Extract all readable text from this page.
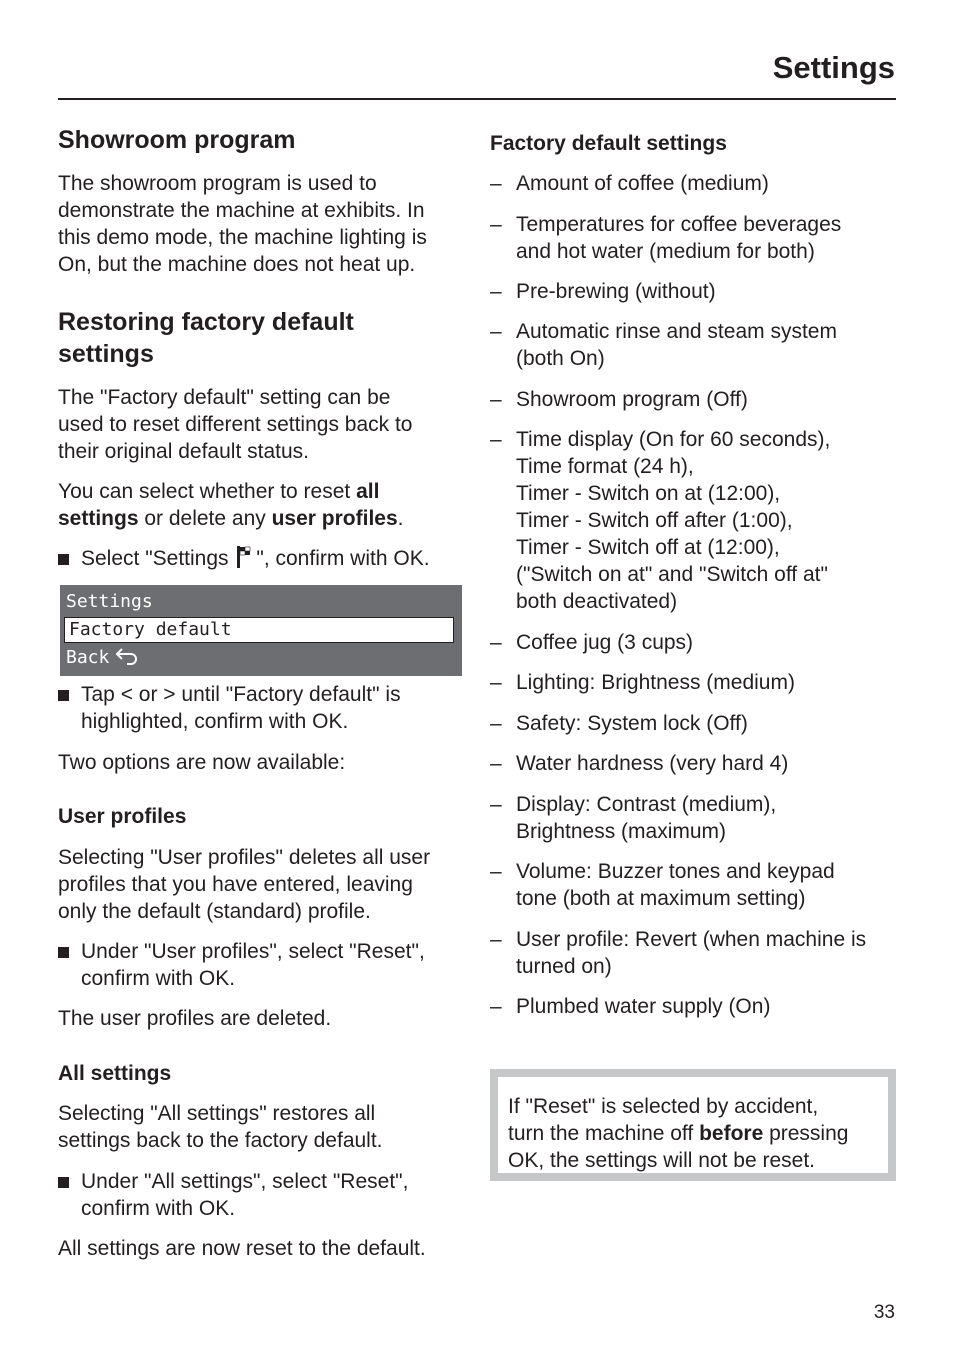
Settings
Showroom program
The showroom program is used to
demonstrate the machine at exhibits. In
this demo mode, the machine lighting is
On, but the machine does not heat up.
Restoring factory default
settings
The "Factory default" setting can be
used to reset different settings back to
their original default status.
You can select whether to reset all
settings or delete any user profiles.
Select "Settings ", confirm with OK.
Settings
Factory default
Back
Tap < or > until "Factory default" is
highlighted, confirm with OK.
Two options are now available:
User profiles
Selecting "User profiles" deletes all user
profiles that you have entered, leaving
only the default (standard) profile.
Under "User profiles", select "Reset",
confirm with OK.
The user profiles are deleted.
All settings
Selecting "All settings" restores all
settings back to the factory default.
Under "All settings", select "Reset",
confirm with OK.
All settings are now reset to the default.
Factory default settings
– Amount of coffee (medium)
– Temperatures for coffee beverages
and hot water (medium for both)
– Pre-brewing (without)
– Automatic rinse and steam system
(both On)
– Showroom program (Off)
– Time display (On for 60 seconds),
Time format (24 h),
Timer - Switch on at (12:00),
Timer - Switch off after (1:00),
Timer - Switch off at (12:00),
("Switch on at" and "Switch off at"
both deactivated)
– Coffee jug (3 cups)
– Lighting: Brightness (medium)
– Safety: System lock (Off)
– Water hardness (very hard 4)
– Display: Contrast (medium),
Brightness (maximum)
– Volume: Buzzer tones and keypad
tone (both at maximum setting)
– User profile: Revert (when machine is
turned on)
– Plumbed water supply (On)
If "Reset" is selected by accident,
turn the machine off before pressing
OK, the settings will not be reset.
33
